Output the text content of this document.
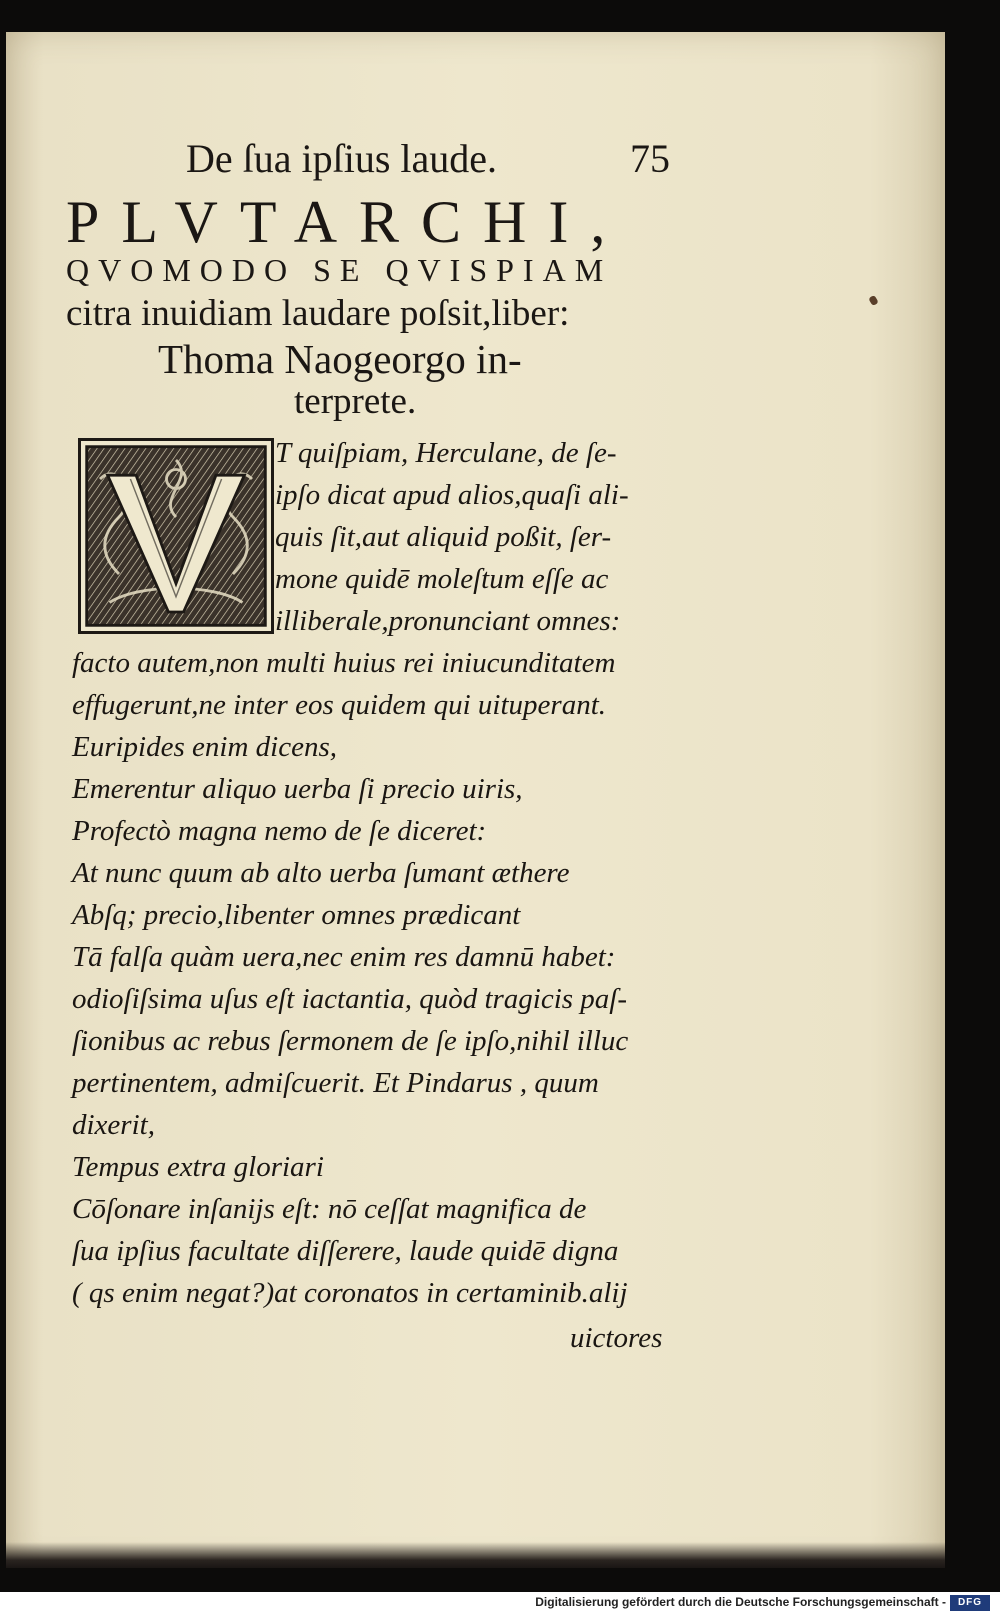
De ſua ipſius laude.	75
PLVTARCHI,
QVOMODO SE QVISPIAM
citra inuidiam laudare poſsit,liber:
Thoma Naogeorgo in-
terprete.
T quiſpiam, Herculane, de ſe-
ipſo dicat apud alios,quaſi ali-
quis ſit,aut aliquid poßit, ſer-
mone quidē moleſtum eſſe ac
illiberale,pronunciant omnes:
facto autem,non multi huius rei iniucunditatem
effugerunt,ne inter eos quidem qui uituperant.
Euripides enim dicens,
Emerentur aliquo uerba ſi precio uiris,
Profectò magna nemo de ſe diceret:
At nunc quum ab alto uerba ſumant æthere
Abſq; precio,libenter omnes prædicant
Tā falſa quàm uera,nec enim res damnū habet:
odioſiſsima uſus eſt iactantia, quòd tragicis paſ-
ſionibus ac rebus ſermonem de ſe ipſo,nihil illuc
pertinentem, admiſcuerit. Et Pindarus , quum
dixerit,
Tempus extra gloriari
Cōſonare inſanijs eſt: nō ceſſat magnifica de
ſua ipſius facultate diſſerere, laude quidē digna
( qs enim negat?)at coronatos in certaminib.alij
uictores
Digitalisierung gefördert durch die Deutsche Forschungsgemeinschaft -	DFG
